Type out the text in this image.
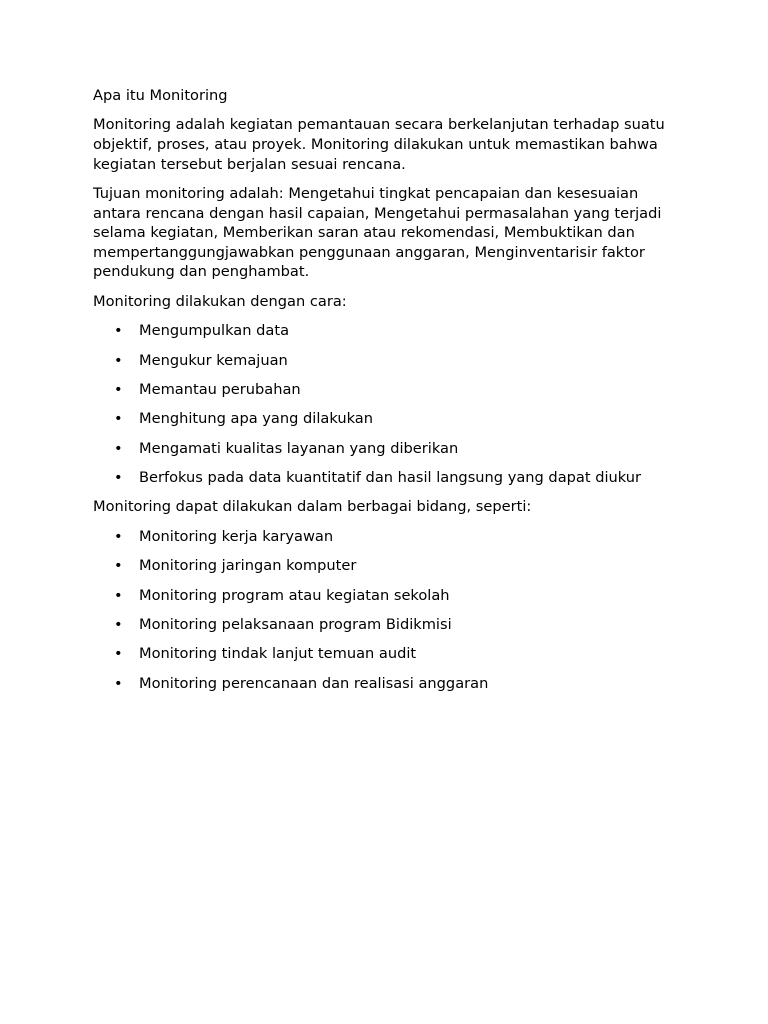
Apa itu Monitoring

Monitoring adalah kegiatan pemantauan secara berkelanjutan terhadap suatu objektif, proses, atau proyek. Monitoring dilakukan untuk memastikan bahwa kegiatan tersebut berjalan sesuai rencana.

Tujuan monitoring adalah: Mengetahui tingkat pencapaian dan kesesuaian antara rencana dengan hasil capaian, Mengetahui permasalahan yang terjadi selama kegiatan, Memberikan saran atau rekomendasi, Membuktikan dan mempertanggungjawabkan penggunaan anggaran, Menginventarisir faktor pendukung dan penghambat.

Monitoring dilakukan dengan cara:

• Mengumpulkan data
• Mengukur kemajuan
• Memantau perubahan
• Menghitung apa yang dilakukan
• Mengamati kualitas layanan yang diberikan
• Berfokus pada data kuantitatif dan hasil langsung yang dapat diukur

Monitoring dapat dilakukan dalam berbagai bidang, seperti:

• Monitoring kerja karyawan
• Monitoring jaringan komputer
• Monitoring program atau kegiatan sekolah
• Monitoring pelaksanaan program Bidikmisi
• Monitoring tindak lanjut temuan audit
• Monitoring perencanaan dan realisasi anggaran
